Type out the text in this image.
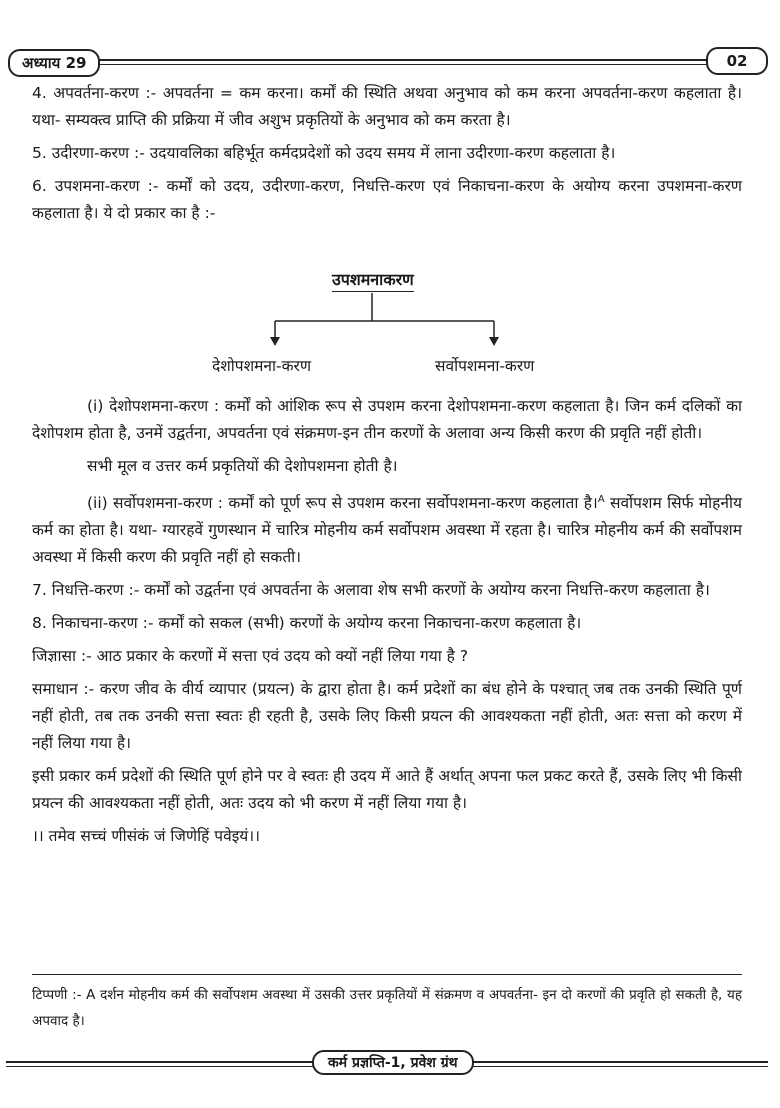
अध्याय 29	02

4. अपवर्तना-करण :- अपवर्तना = कम करना। कर्मों की स्थिति अथवा अनुभाव को कम करना अपवर्तना-करण कहलाता है। यथा- सम्यक्त्व प्राप्ति की प्रक्रिया में जीव अशुभ प्रकृतियों के अनुभाव को कम करता है।

5. उदीरणा-करण :- उदयावलिका बहिर्भूत कर्मदप्रदेशों को उदय समय में लाना उदीरणा-करण कहलाता है।

6. उपशमना-करण :- कर्मों को उदय, उदीरणा-करण, निधत्ति-करण एवं निकाचना-करण के अयोग्य करना उपशमना-करण कहलाता है। ये दो प्रकार का है :-

उपशमनाकरण
देशोपशमना-करण	सर्वोपशमना-करण

(i) देशोपशमना-करण : कर्मों को आंशिक रूप से उपशम करना देशोपशमना-करण कहलाता है। जिन कर्म दलिकों का देशोपशम होता है, उनमें उद्वर्तना, अपवर्तना एवं संक्रमण-इन तीन करणों के अलावा अन्य किसी करण की प्रवृति नहीं होती।

सभी मूल व उत्तर कर्म प्रकृतियों की देशोपशमना होती है।

(ii) सर्वोपशमना-करण : कर्मों को पूर्ण रूप से उपशम करना सर्वोपशमना-करण कहलाता है।$^A$ सर्वोपशम सिर्फ मोहनीय कर्म का होता है। यथा- ग्यारहवें गुणस्थान में चारित्र मोहनीय कर्म सर्वोपशम अवस्था में रहता है। चारित्र मोहनीय कर्म की सर्वोपशम अवस्था में किसी करण की प्रवृति नहीं हो सकती।

7. निधत्ति-करण :- कर्मों को उद्वर्तना एवं अपवर्तना के अलावा शेष सभी करणों के अयोग्य करना निधत्ति-करण कहलाता है।

8. निकाचना-करण :- कर्मों को सकल (सभी) करणों के अयोग्य करना निकाचना-करण कहलाता है।

जिज्ञासा :- आठ प्रकार के करणों में सत्ता एवं उदय को क्यों नहीं लिया गया है ?

समाधान :- करण जीव के वीर्य व्यापार (प्रयत्न) के द्वारा होता है। कर्म प्रदेशों का बंध होने के पश्चात् जब तक उनकी स्थिति पूर्ण नहीं होती, तब तक उनकी सत्ता स्वतः ही रहती है, उसके लिए किसी प्रयत्न की आवश्यकता नहीं होती, अतः सत्ता को करण में नहीं लिया गया है।

इसी प्रकार कर्म प्रदेशों की स्थिति पूर्ण होने पर वे स्वतः ही उदय में आते हैं अर्थात् अपना फल प्रकट करते हैं, उसके लिए भी किसी प्रयत्न की आवश्यकता नहीं होती, अतः उदय को भी करण में नहीं लिया गया है।

।। तमेव सच्चं णीसंकं जं जिणेहिं पवेइयं।।

टिप्पणी :- A दर्शन मोहनीय कर्म की सर्वोपशम अवस्था में उसकी उत्तर प्रकृतियों में संक्रमण व अपवर्तना- इन दो करणों की प्रवृति हो सकती है, यह अपवाद है।
कर्म प्रज्ञप्ति-1, प्रवेश ग्रंथ
